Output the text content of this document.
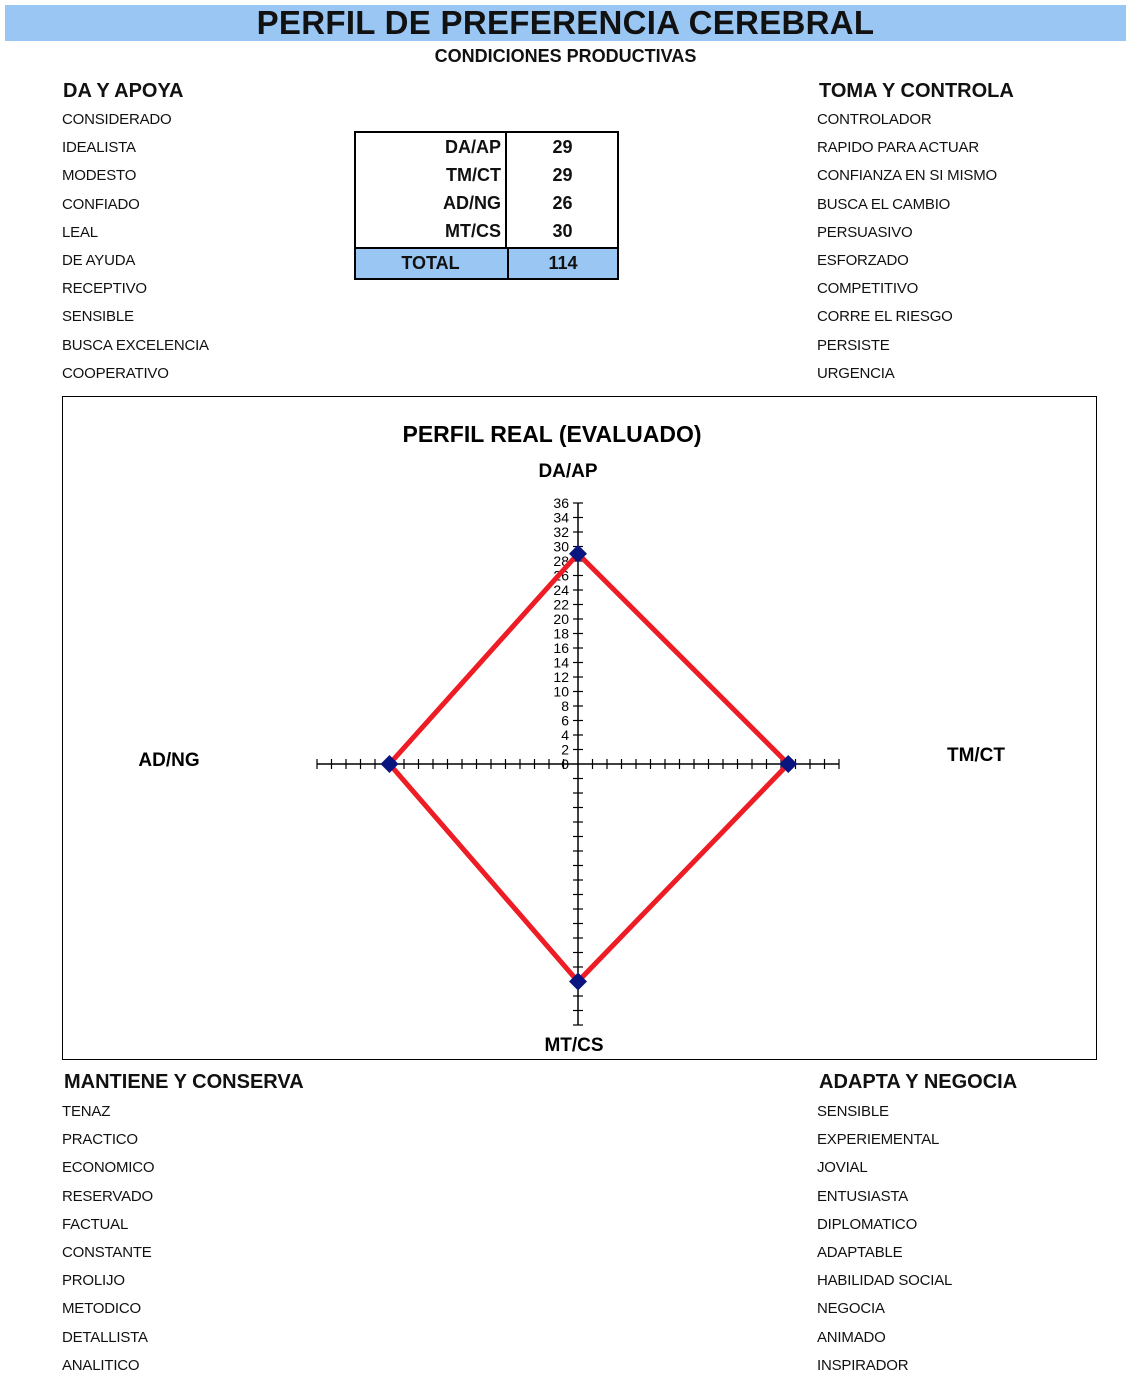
PERFIL DE PREFERENCIA CEREBRAL
CONDICIONES PRODUCTIVAS
DA Y APOYA
CONSIDERADO
IDEALISTA
MODESTO
CONFIADO
LEAL
DE AYUDA
RECEPTIVO
SENSIBLE
BUSCA EXCELENCIA
COOPERATIVO
TOMA Y CONTROLA
CONTROLADOR
RAPIDO PARA ACTUAR
CONFIANZA EN SI MISMO
BUSCA EL CAMBIO
PERSUASIVO
ESFORZADO
COMPETITIVO
CORRE EL RIESGO
PERSISTE
URGENCIA
DA/AP	29
TM/CT	29
AD/NG	26
MT/CS	30
TOTAL	114
PERFIL REAL (EVALUADO)
DA/AP
TM/CT
MT/CS
AD/NG	0
2
4
6
8
10
12
14
16
18
20
22
24
26
28
30
32
34
36
MANTIENE Y CONSERVA
TENAZ
PRACTICO
ECONOMICO
RESERVADO
FACTUAL
CONSTANTE
PROLIJO
METODICO
DETALLISTA
ANALITICO
ADAPTA Y NEGOCIA
SENSIBLE
EXPERIEMENTAL
JOVIAL
ENTUSIASTA
DIPLOMATICO
ADAPTABLE
HABILIDAD SOCIAL
NEGOCIA
ANIMADO
INSPIRADOR
